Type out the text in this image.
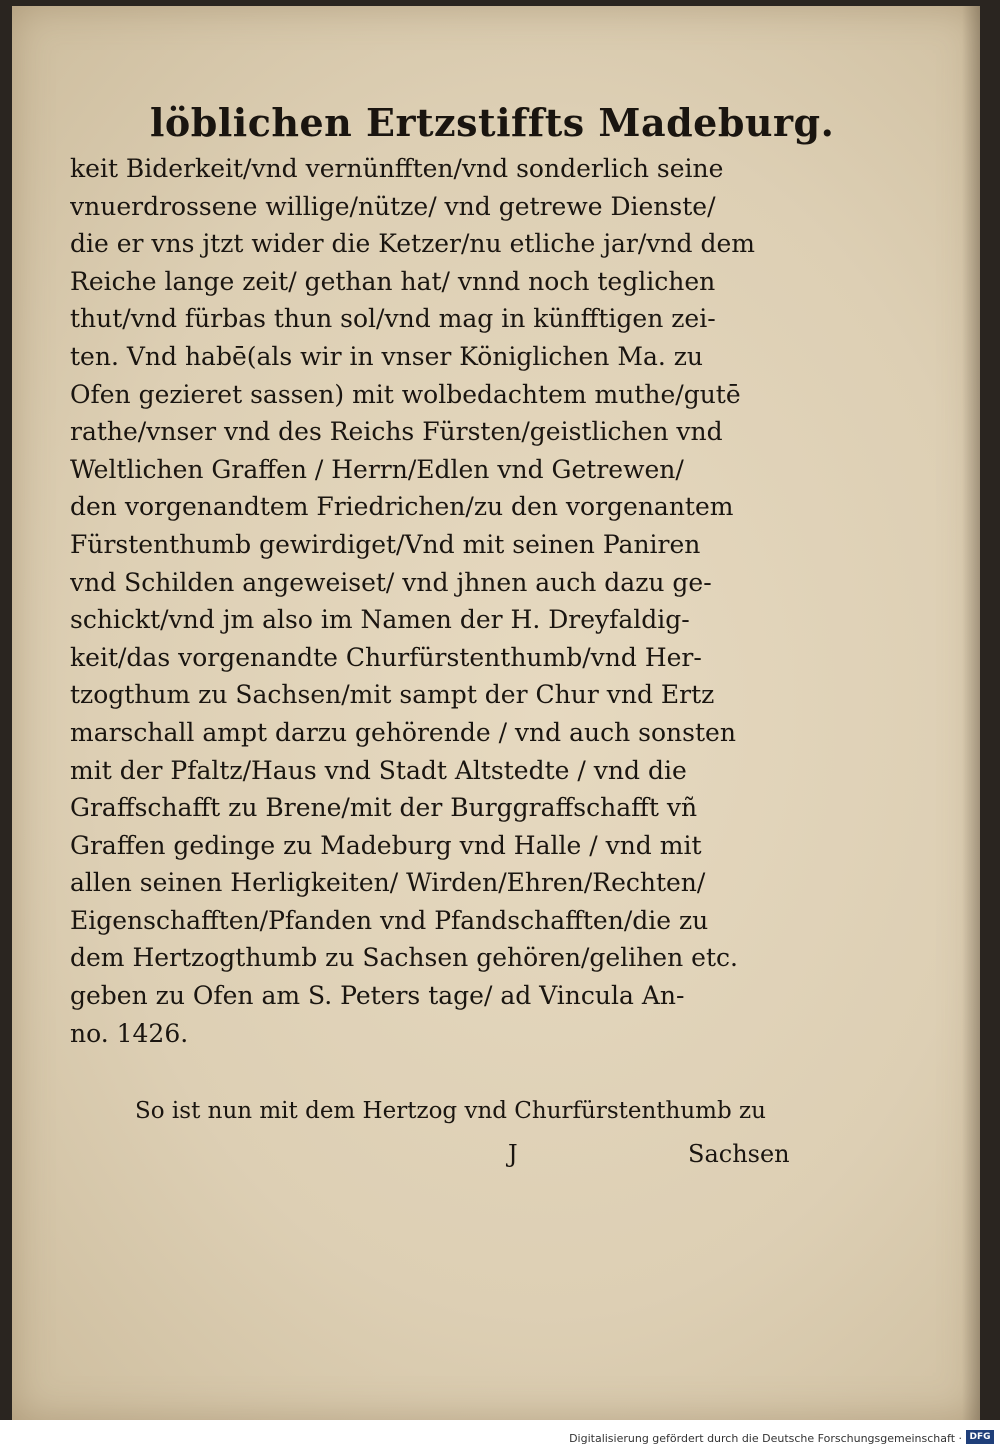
löblichen Ertzstiffts Madeburg.
keit Biderkeit/vnd vernünfften/vnd sonderlich seine
vnuerdrossene willige/nütze/ vnd getrewe Dienste/
die er vns jtzt wider die Ketzer/nu etliche jar/vnd dem
Reiche lange zeit/ gethan hat/ vnnd noch teglichen
thut/vnd fürbas thun sol/vnd mag in künfftigen zei-
ten. Vnd habē(als wir in vnser Königlichen Ma. zu
Ofen gezieret sassen) mit wolbedachtem muthe/gutē
rathe/vnser vnd des Reichs Fürsten/geistlichen vnd
Weltlichen Graffen / Herrn/Edlen vnd Getrewen/
den vorgenandtem Friedrichen/zu den vorgenantem
Fürstenthumb gewirdiget/Vnd mit seinen Paniren
vnd Schilden angeweiset/ vnd jhnen auch dazu ge-
schickt/vnd jm also im Namen der H. Dreyfaldig-
keit/das vorgenandte Churfürstenthumb/vnd Her-
tzogthum zu Sachsen/mit sampt der Chur vnd Ertz
marschall ampt darzu gehörende / vnd auch sonsten
mit der Pfaltz/Haus vnd Stadt Altstedte / vnd die
Graffschafft zu Brene/mit der Burggraffschafft vñ
Graffen gedinge zu Madeburg vnd Halle / vnd mit
allen seinen Herligkeiten/ Wirden/Ehren/Rechten/
Eigenschafften/Pfanden vnd Pfandschafften/die zu
dem Hertzogthumb zu Sachsen gehören/gelihen etc.
geben zu Ofen am S. Peters tage/ ad Vincula An-
no. 1426.
So ist nun mit dem Hertzog vnd Churfürstenthumb zu
J	Sachsen
Digitalisierung gefördert durch die Deutsche Forschungsgemeinschaft · DFG
